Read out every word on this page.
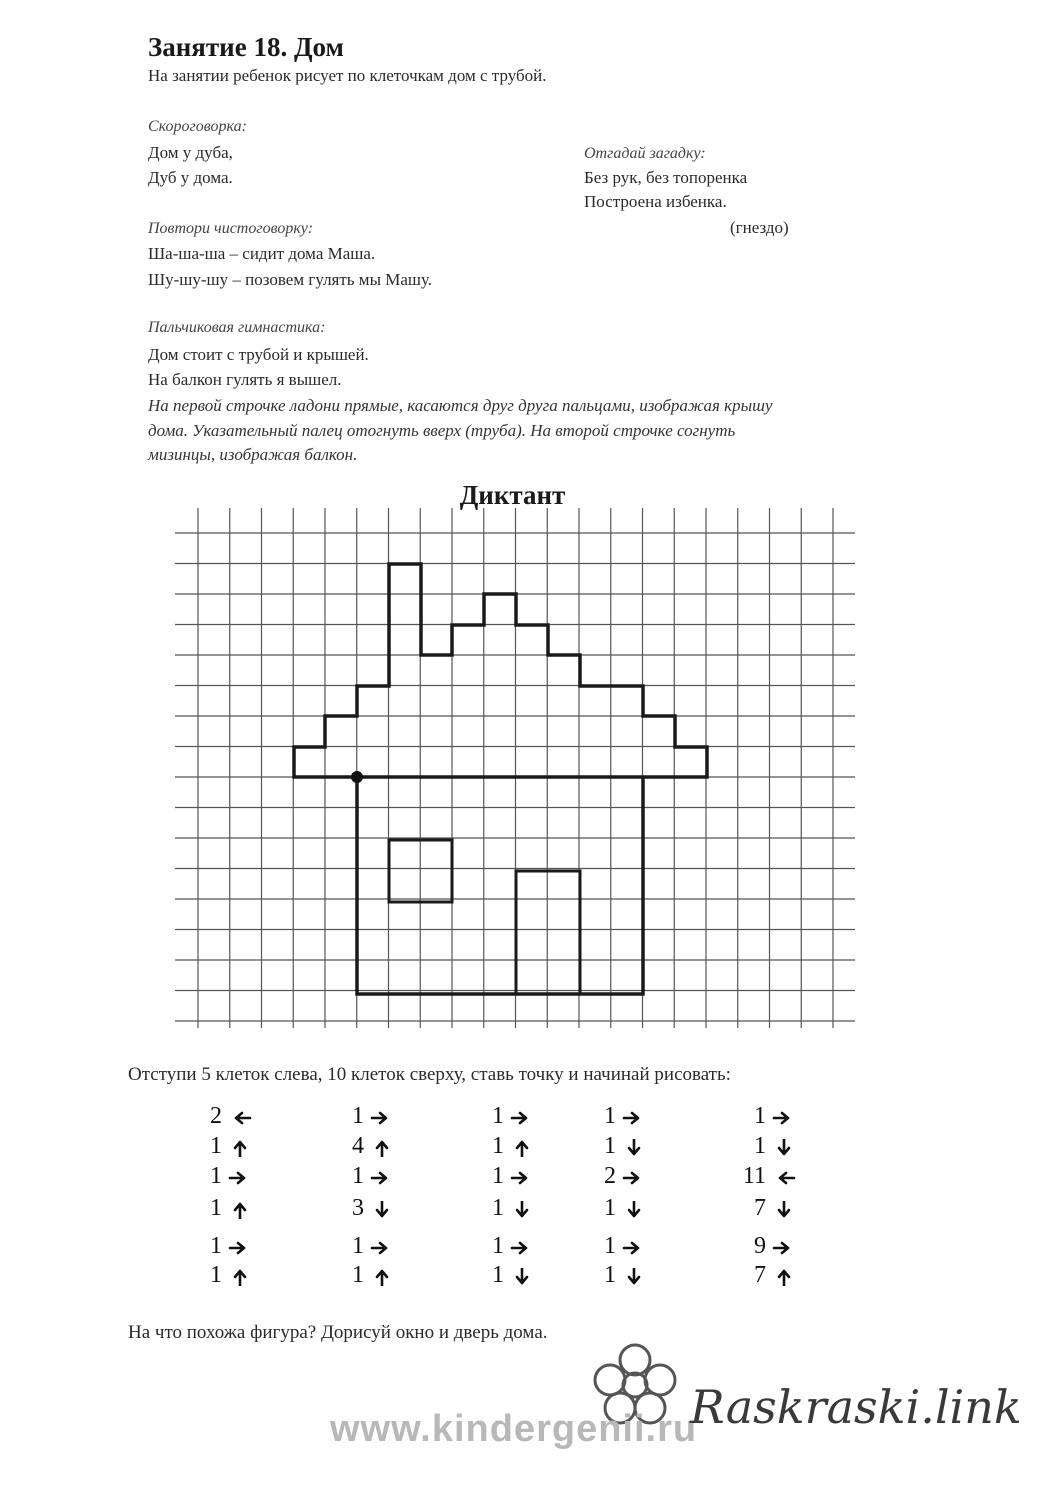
Занятие 18. Дом
На занятии ребенок рисует по клеточкам дом с трубой.
Скороговорка:
Дом у дуба,
Дуб у дома.
Отгадай загадку:
Без рук, без топоренка
Построена избенка.
(гнездо)
Повтори чистоговорку:
Ша-ша-ша – сидит дома Маша.
Шу-шу-шу – позовем гулять мы Машу.
Пальчиковая гимнастика:
Дом стоит с трубой и крышей.
На балкон гулять я вышел.
На первой строчке ладони прямые, касаются друг друга пальцами, изображая крышу
дома. Указательный палец отогнуть вверх (труба). На второй строчке согнуть
мизинцы, изображая балкон.
Диктант
Отступи 5 клеток слева, 10 клеток сверху, ставь точку и начинай рисовать:
2
1
1
1
1
1
1
4
1
3
1
1
1
1
1
1
1
1
1
1
2
1
1
1
1
1
11
7
9
7
На что похожа фигура? Дорисуй окно и дверь дома.
www.kindergenii.ru
Raskraski.link
